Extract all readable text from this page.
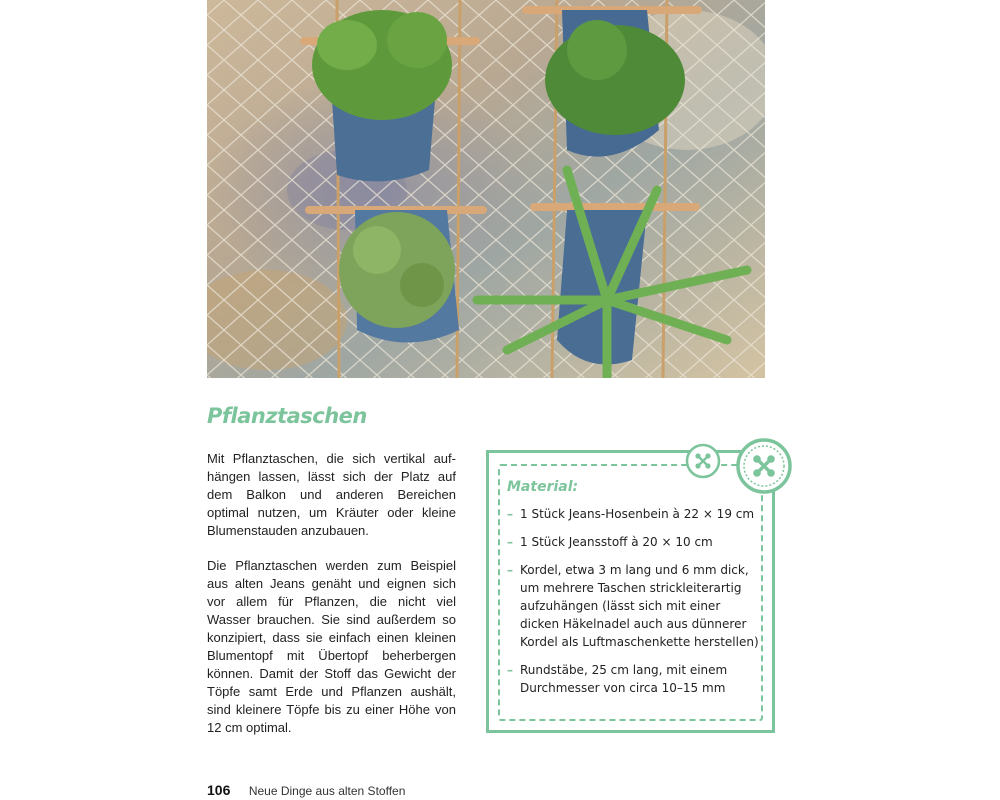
Pflanztaschen

Mit Pflanztaschen, die sich vertikal aufhängen lassen, lässt sich der Platz auf dem Balkon und anderen Bereichen optimal nutzen, um Kräuter oder kleine Blumenstauden anzubauen.

Die Pflanztaschen werden zum Beispiel aus alten Jeans genäht und eignen sich vor allem für Pflanzen, die nicht viel Wasser brauchen. Sie sind außerdem so konzipiert, dass sie einfach einen kleinen Blumentopf mit Übertopf beherbergen können. Damit der Stoff das Gewicht der Töpfe samt Erde und Pflanzen aushält, sind kleinere Töpfe bis zu einer Höhe von 12 cm optimal.

Material:
– 1 Stück Jeans-Hosenbein à 22 × 19 cm
– 1 Stück Jeansstoff à 20 × 10 cm
– Kordel, etwa 3 m lang und 6 mm dick, um mehrere Taschen strickleiterartig aufzuhängen (lässt sich mit einer dicken Häkelnadel auch aus dünnerer Kordel als Luftmaschenkette herstellen)
– Rundstäbe, 25 cm lang, mit einem Durchmesser von circa 10–15 mm
106 Neue Dinge aus alten Stoffen
